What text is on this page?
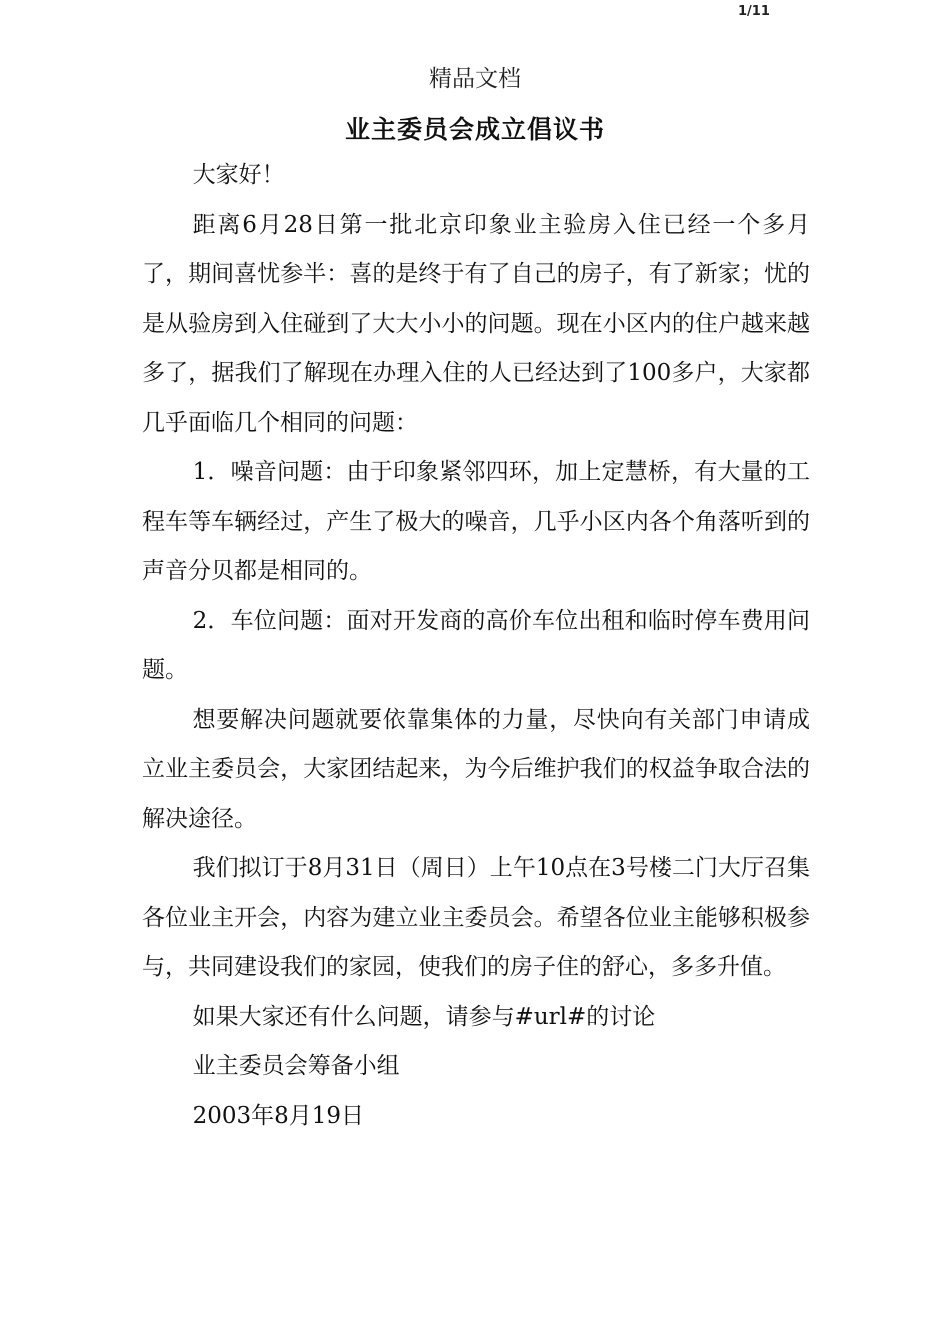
1/11
精品文档
业主委员会成立倡议书

大家好！

距离6月28日第一批北京印象业主验房入住已经一个多月了，期间喜忧参半：喜的是终于有了自己的房子，有了新家；忧的是从验房到入住碰到了大大小小的问题。现在小区内的住户越来越多了，据我们了解现在办理入住的人已经达到了100多户，大家都几乎面临几个相同的问题：

1．噪音问题：由于印象紧邻四环，加上定慧桥，有大量的工程车等车辆经过，产生了极大的噪音，几乎小区内各个角落听到的声音分贝都是相同的。

2．车位问题：面对开发商的高价车位出租和临时停车费用问题。

想要解决问题就要依靠集体的力量，尽快向有关部门申请成立业主委员会，大家团结起来，为今后维护我们的权益争取合法的解决途径。

我们拟订于8月31日（周日）上午10点在3号楼二门大厅召集各位业主开会，内容为建立业主委员会。希望各位业主能够积极参与，共同建设我们的家园，使我们的房子住的舒心，多多升值。

如果大家还有什么问题，请参与#url#的讨论

业主委员会筹备小组

2003年8月19日
